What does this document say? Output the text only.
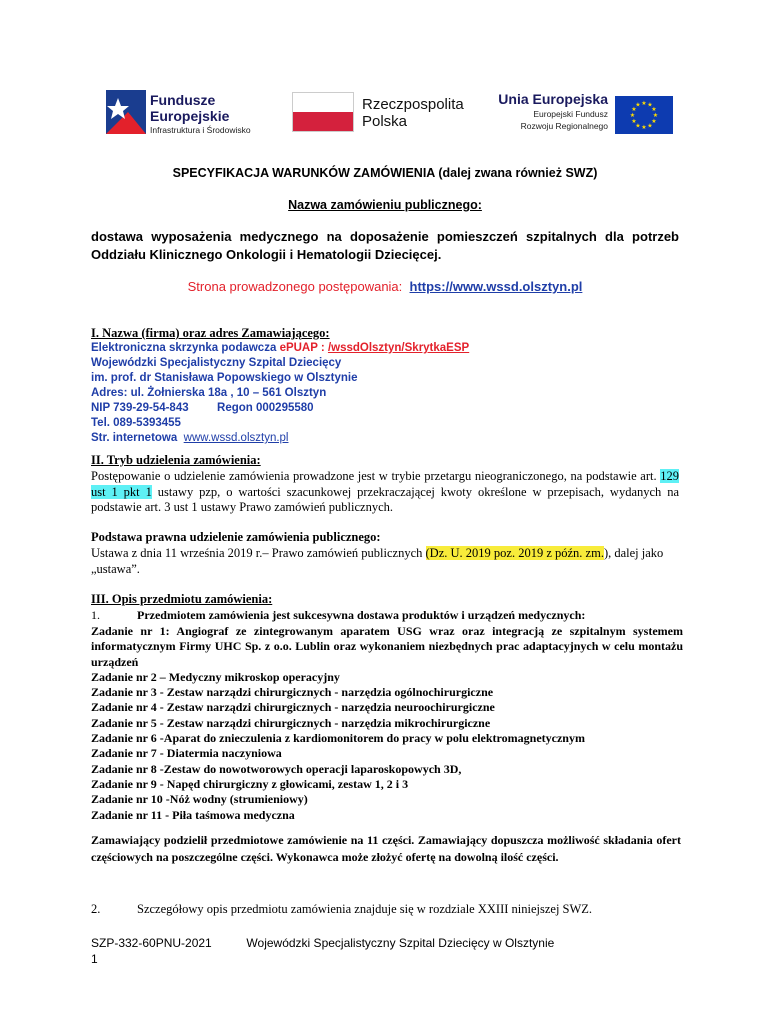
Fundusze
Europejskie
Infrastruktura i Środowisko
Rzeczpospolita
Polska
Unia Europejska
Europejski Fundusz
Rozwoju Regionalnego
★ ★
★
★
★
★
★
★
★
★
★
★
SPECYFIKACJA WARUNKÓW ZAMÓWIENIA (dalej zwana również SWZ)
Nazwa zamówieniu publicznego:
dostawa wyposażenia medycznego na doposażenie pomieszczeń szpitalnych dla potrzeb Oddziału Klinicznego Onkologii i Hematologii Dziecięcej.
Strona prowadzonego postępowania: https://www.wssd.olsztyn.pl
I. Nazwa (firma) oraz adres Zamawiającego:
Elektroniczna skrzynka podawcza ePUAP : /wssdOlsztyn/SkrytkaESP
Wojewódzki Specjalistyczny Szpital Dziecięcy
im. prof. dr Stanisława Popowskiego w Olsztynie
Adres: ul. Żołnierska 18a , 10 – 561 Olsztyn
NIP 739-29-54-843 Regon 000295580
Tel. 089-5393455
Str. internetowa www.wssd.olsztyn.pl
II. Tryb udzielenia zamówienia:
Postępowanie o udzielenie zamówienia prowadzone jest w trybie przetargu nieograniczonego, na podstawie art. 129 ust 1 pkt 1 ustawy pzp, o wartości szacunkowej przekraczającej kwoty określone w przepisach, wydanych na podstawie art. 3 ust 1 ustawy Prawo zamówień publicznych.
Podstawa prawna udzielenie zamówienia publicznego:
Ustawa z dnia 11 września 2019 r.– Prawo zamówień publicznych (Dz. U. 2019 poz. 2019 z późn. zm.), dalej jako „ustawa”.
III. Opis przedmiotu zamówienia:
1.	Przedmiotem zamówienia jest sukcesywna dostawa produktów i urządzeń medycznych:
Zadanie nr 1: Angiograf ze zintegrowanym aparatem USG wraz oraz integracją ze szpitalnym systemem informatycznym Firmy UHC Sp. z o.o. Lublin oraz wykonaniem niezbędnych prac adaptacyjnych w celu montażu urządzeń
Zadanie nr 2 – Medyczny mikroskop operacyjny
Zadanie nr 3 - Zestaw narządzi chirurgicznych - narzędzia ogólnochirurgiczne
Zadanie nr 4 - Zestaw narządzi chirurgicznych - narzędzia neuroochirurgiczne
Zadanie nr 5 - Zestaw narządzi chirurgicznych - narzędzia mikrochirurgiczne
Zadanie nr 6 -Aparat do znieczulenia z kardiomonitorem do pracy w polu elektromagnetycznym
Zadanie nr 7 - Diatermia naczyniowa
Zadanie nr 8 -Zestaw do nowotworowych operacji laparoskopowych 3D,
Zadanie nr 9 - Napęd chirurgiczny z głowicami, zestaw 1, 2 i 3
Zadanie nr 10 -Nóż wodny (strumieniowy)
Zadanie nr 11 - Piła taśmowa medyczna
Zamawiający podzielił przedmiotowe zamówienie na 11 części. Zamawiający dopuszcza możliwość składania ofert częściowych na poszczególne części. Wykonawca może złożyć ofertę na dowolną ilość części.
2.	Szczegółowy opis przedmiotu zamówienia znajduje się w rozdziale XXIII niniejszej SWZ.
SZP-332-60PNU-2021	Wojewódzki Specjalistyczny Szpital Dziecięcy w Olsztynie
1
